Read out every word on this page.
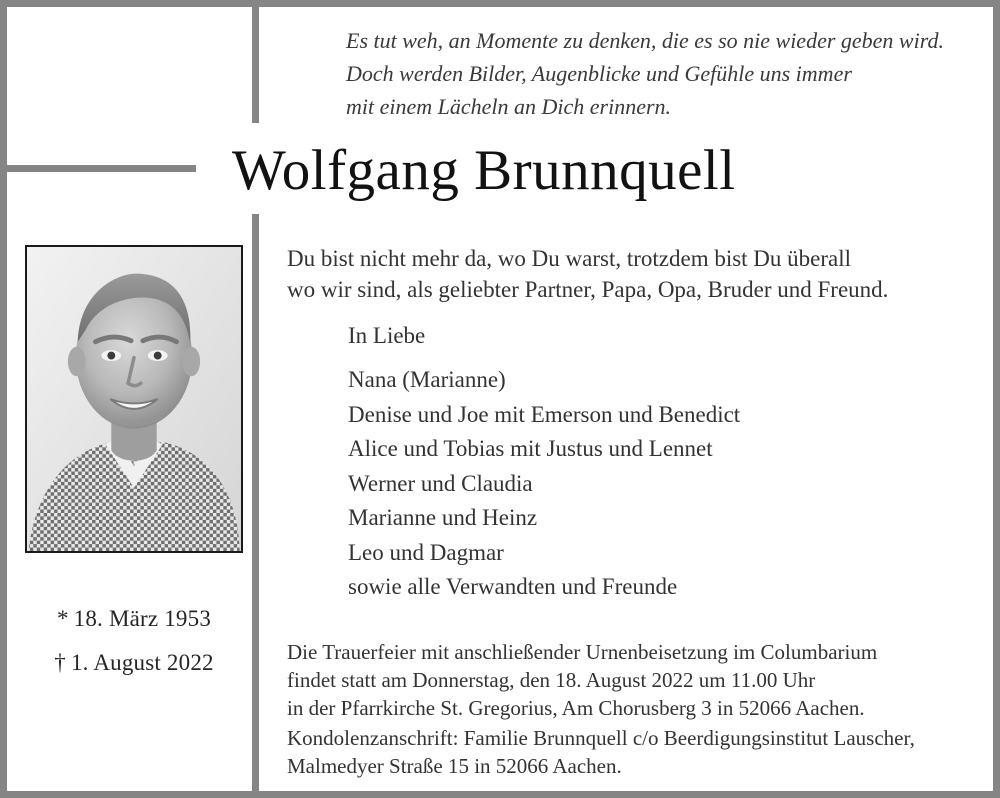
Es tut weh, an Momente zu denken, die es so nie wieder geben wird.
Doch werden Bilder, Augenblicke und Gefühle uns immer
mit einem Lächeln an Dich erinnern.
Wolfgang Brunnquell
* 18. März 1953
† 1. August 2022
Du bist nicht mehr da, wo Du warst, trotzdem bist Du überall
wo wir sind, als geliebter Partner, Papa, Opa, Bruder und Freund.
In Liebe
Nana (Marianne)
Denise und Joe mit Emerson und Benedict
Alice und Tobias mit Justus und Lennet
Werner und Claudia
Marianne und Heinz
Leo und Dagmar
sowie alle Verwandten und Freunde
Die Trauerfeier mit anschließender Urnenbeisetzung im Columbarium
findet statt am Donnerstag, den 18. August 2022 um 11.00 Uhr
in der Pfarrkirche St. Gregorius, Am Chorusberg 3 in 52066 Aachen.
Kondolenzanschrift: Familie Brunnquell c/o Beerdigungsinstitut Lauscher,
Malmedyer Straße 15 in 52066 Aachen.
